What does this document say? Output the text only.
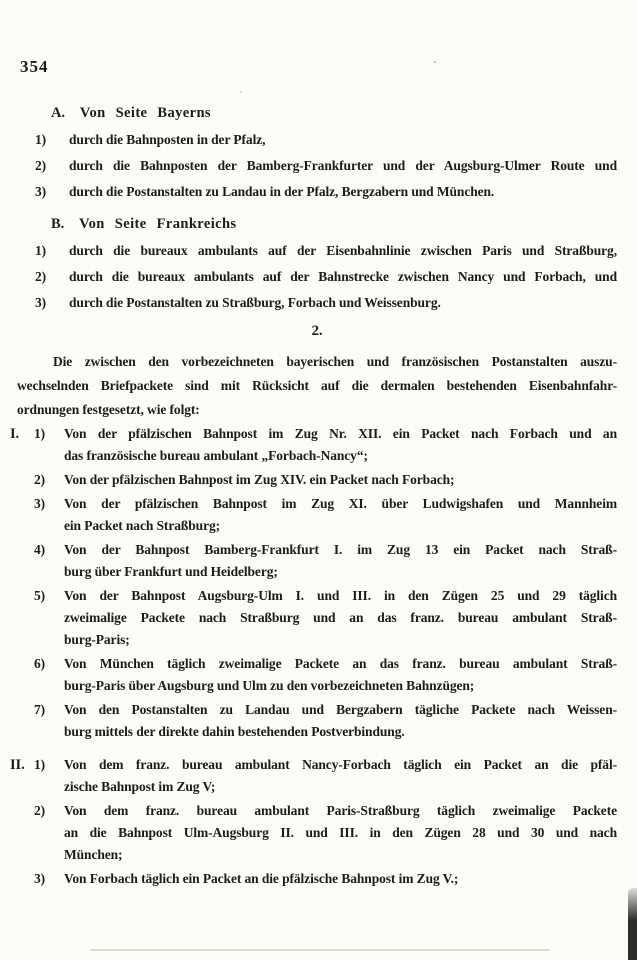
354
A. Von Seite Bayerns
1)	durch die Bahnposten in der Pfalz,
2)	durch die Bahnposten der Bamberg-Frankfurter und der Augsburg-Ulmer Route und
3)	durch die Postanstalten zu Landau in der Pfalz, Bergzabern und München.
B. Von Seite Frankreichs
1)	durch die bureaux ambulants auf der Eisenbahnlinie zwischen Paris und Straßburg,
2)	durch die bureaux ambulants auf der Bahnstrecke zwischen Nancy und Forbach, und
3)	durch die Postanstalten zu Straßburg, Forbach und Weissenburg.
2.
Die zwischen den vorbezeichneten bayerischen und französischen Postanstalten auszu-
wechselnden Briefpackete sind mit Rücksicht auf die dermalen bestehenden Eisenbahnfahr-
ordnungen festgesetzt, wie folgt:
I.	1)	Von der pfälzischen Bahnpost im Zug Nr. XII. ein Packet nach Forbach und an
das französische bureau ambulant „Forbach-Nancy“;
2)	Von der pfälzischen Bahnpost im Zug XIV. ein Packet nach Forbach;
3)	Von der pfälzischen Bahnpost im Zug XI. über Ludwigshafen und Mannheim
ein Packet nach Straßburg;
4)	Von der Bahnpost Bamberg-Frankfurt I. im Zug 13 ein Packet nach Straß-
burg über Frankfurt und Heidelberg;
5)	Von der Bahnpost Augsburg-Ulm I. und III. in den Zügen 25 und 29 täglich
zweimalige Packete nach Straßburg und an das franz. bureau ambulant Straß-
burg-Paris;
6)	Von München täglich zweimalige Packete an das franz. bureau ambulant Straß-
burg-Paris über Augsburg und Ulm zu den vorbezeichneten Bahnzügen;
7)	Von den Postanstalten zu Landau und Bergzabern tägliche Packete nach Weissen-
burg mittels der direkte dahin bestehenden Postverbindung.
II. 1)	Von dem franz. bureau ambulant Nancy-Forbach täglich ein Packet an die pfäl-
zische Bahnpost im Zug V;
2)	Von dem franz. bureau ambulant Paris-Straßburg täglich zweimalige Packete
an die Bahnpost Ulm-Augsburg II. und III. in den Zügen 28 und 30 und nach
München;
3)	Von Forbach täglich ein Packet an die pfälzische Bahnpost im Zug V.;
